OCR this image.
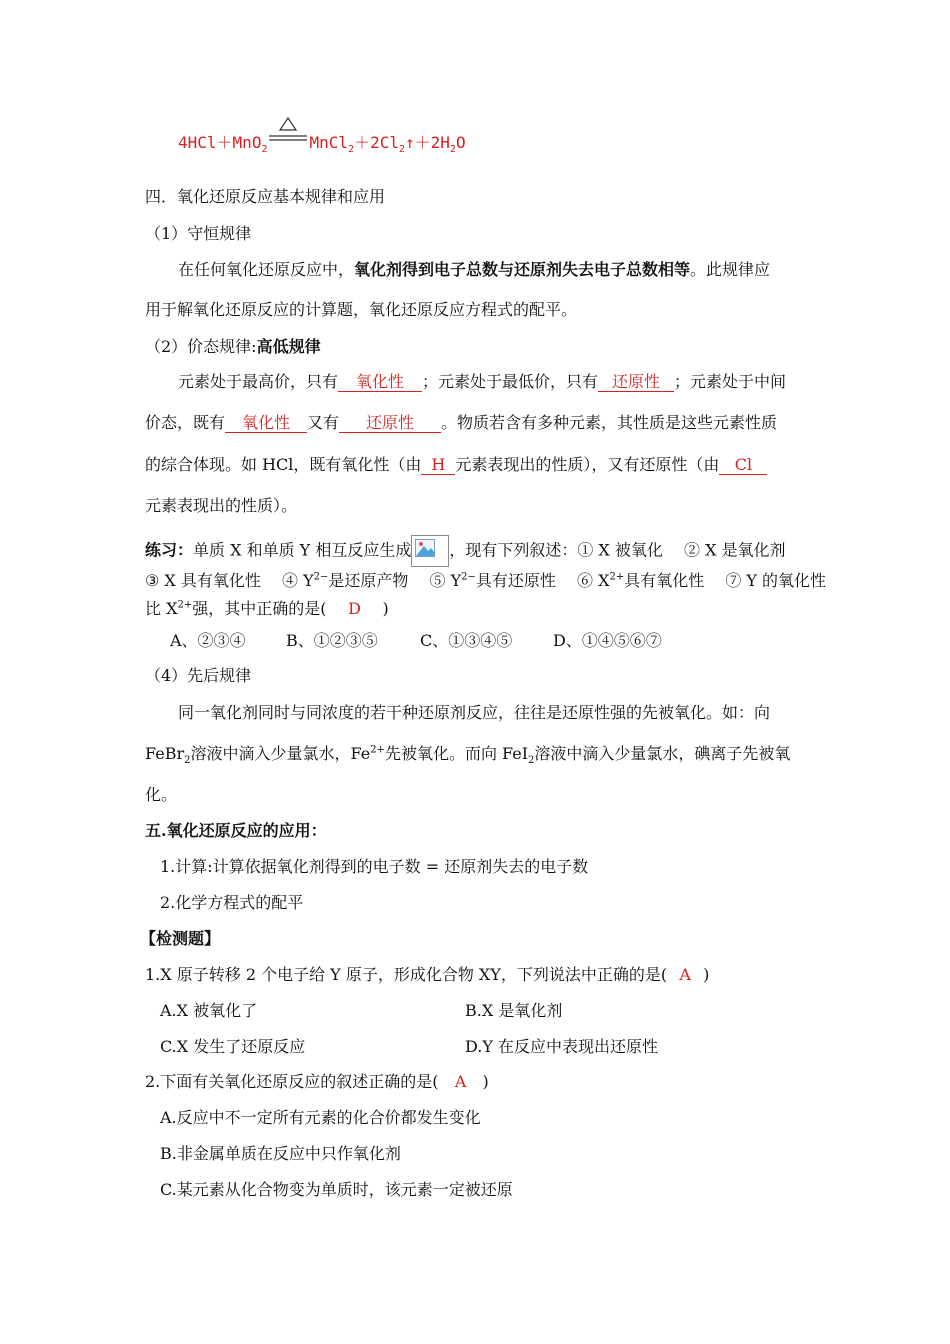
4HCl＋MnO$_2$	$MnCl_2+2Cl_2↑+2H_2O$
四．氧化还原反应基本规律和应用
（1）守恒规律
在任何氧化还原反应中，氧化剂得到电子总数与还原剂失去电子总数相等。此规律应
用于解氧化还原反应的计算题，氧化还原反应方程式的配平。
（2）价态规律:高低规律
元素处于最高价，只有 氧化性 ；元素处于最低价，只有 还原性 ；元素处于中间
价态，既有 氧化性 又有 还原性 。物质若含有多种元素，其性质是这些元素性质
的综合体现。如 HCl，既有氧化性（由 H 元素表现出的性质），又有还原性（由 Cl
元素表现出的性质）。
练习：单质 X 和单质 Y 相互反应生成 ，现有下列叙述：① X 被氧化　 ② X 是氧化剂
③ X 具有氧化性　 ④ $Y^{2-}$是还原产物　 ⑤ $Y^{2-}$具有还原性　 ⑥ $X^{2+}$具有氧化性　 ⑦ Y 的氧化性
比 $X^{2+}$强，其中正确的是( D )
A、②③④	B、①②③⑤	C、①③④⑤	D、①④⑤⑥⑦
（4）先后规律
同一氧化剂同时与同浓度的若干种还原剂反应，往往是还原性强的先被氧化。如：向
FeBr$_2$溶液中滴入少量氯水，$Fe^{2+}$先被氧化。而向 FeI$_2$溶液中滴入少量氯水，碘离子先被氧
化。
五.氧化还原反应的应用：
1.计算:计算依据氧化剂得到的电子数 = 还原剂失去的电子数
2.化学方程式的配平
【检测题】
1.X 原子转移 2 个电子给 Y 原子，形成化合物 XY，下列说法中正确的是( A )
A.X 被氧化了	B.X 是氧化剂
C.X 发生了还原反应	D.Y 在反应中表现出还原性
2.下面有关氧化还原反应的叙述正确的是( A )
A.反应中不一定所有元素的化合价都发生变化
B.非金属单质在反应中只作氧化剂
C.某元素从化合物变为单质时，该元素一定被还原
